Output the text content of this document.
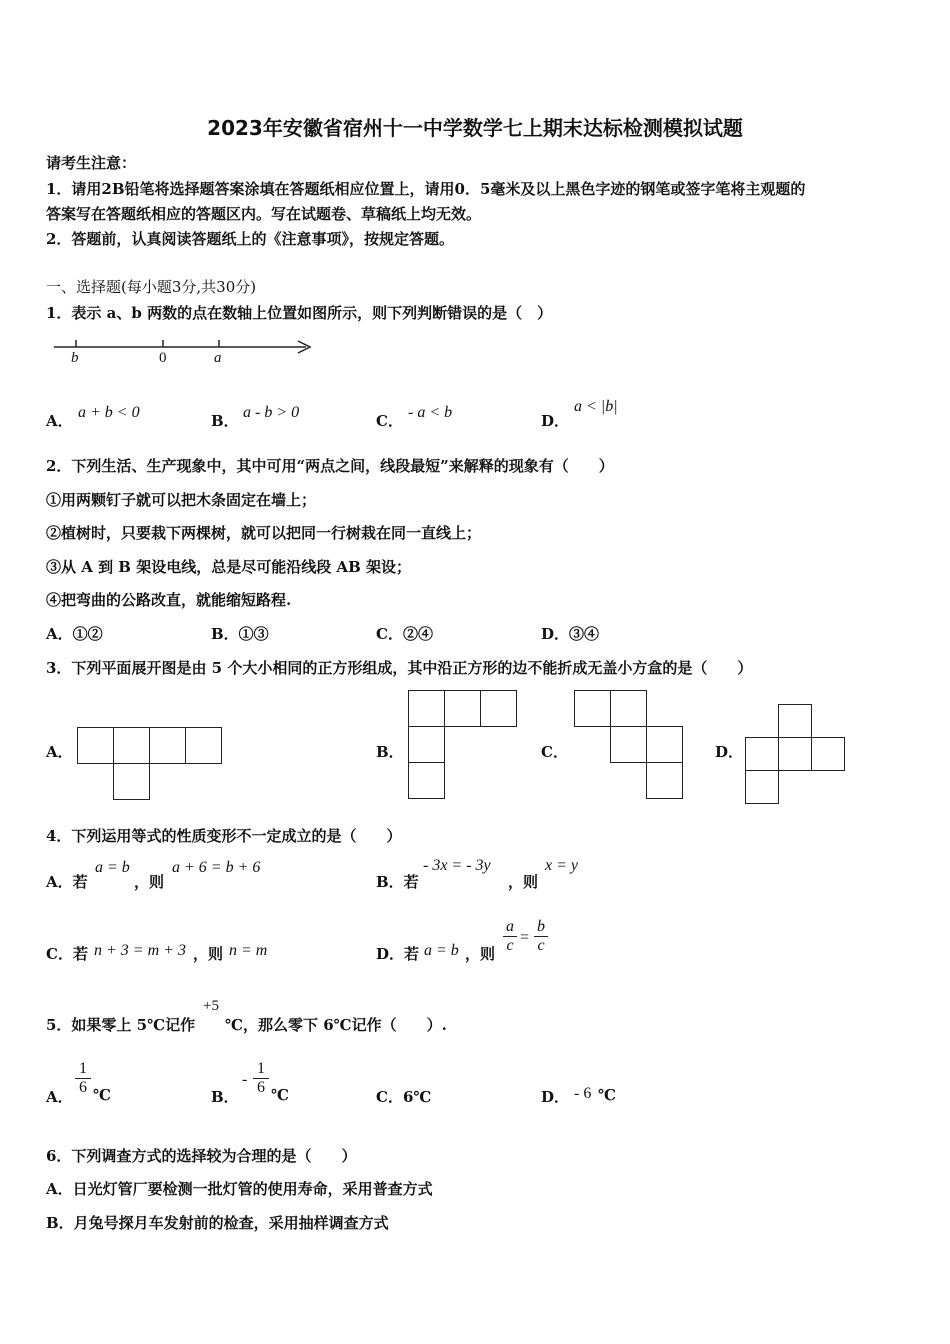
2023年安徽省宿州十一中学数学七上期末达标检测模拟试题
请考生注意：
1．请用2B铅笔将选择题答案涂填在答题纸相应位置上，请用0．5毫米及以上黑色字迹的钢笔或签字笔将主观题的
答案写在答题纸相应的答题区内。写在试题卷、草稿纸上均无效。
2．答题前，认真阅读答题纸上的《注意事项》，按规定答题。
一、选择题(每小题3分,共30分)
1．表示 a、b 两数的点在数轴上位置如图所示，则下列判断错误的是（　）
b	0	a
A． a + b < 0	B． a - b > 0	C． - a < b	D．
a < |b|
2．下列生活、生产现象中，其中可用“两点之间，线段最短”来解释的现象有（　　）
①用两颗钉子就可以把木条固定在墙上；
②植树时，只要栽下两棵树，就可以把同一行树栽在同一直线上；
③从 A 到 B 架设电线，总是尽可能沿线段 AB 架设；
④把弯曲的公路改直，就能缩短路程.
A．①②	B．①③	C．②④	D．③④
3．下列平面展开图是由 5 个大小相同的正方形组成，其中沿正方形的边不能折成无盖小方盒的是（　　）
A．	B．	C．	D．
4．下列运用等式的性质变形不一定成立的是（　　）
A．若
a = b
，则
a + 6 = b + 6
B．若
- 3x = - 3y
，则
x = y
C．若 n + 3 = m + 3 ，则 n = m	D．若 a = b ，则 $\frac{a}{c} = \frac{b}{c}$
5．如果零上 5℃记作
+5
℃，那么零下 6℃记作（　　）.
A． $\frac{1}{6}$ ℃	B．
- $\frac{1}{6}$ ℃	C．6℃	D． - 6 ℃
6．下列调查方式的选择较为合理的是（　　）
A．日光灯管厂要检测一批灯管的使用寿命，采用普查方式
B．月兔号探月车发射前的检查，采用抽样调查方式
